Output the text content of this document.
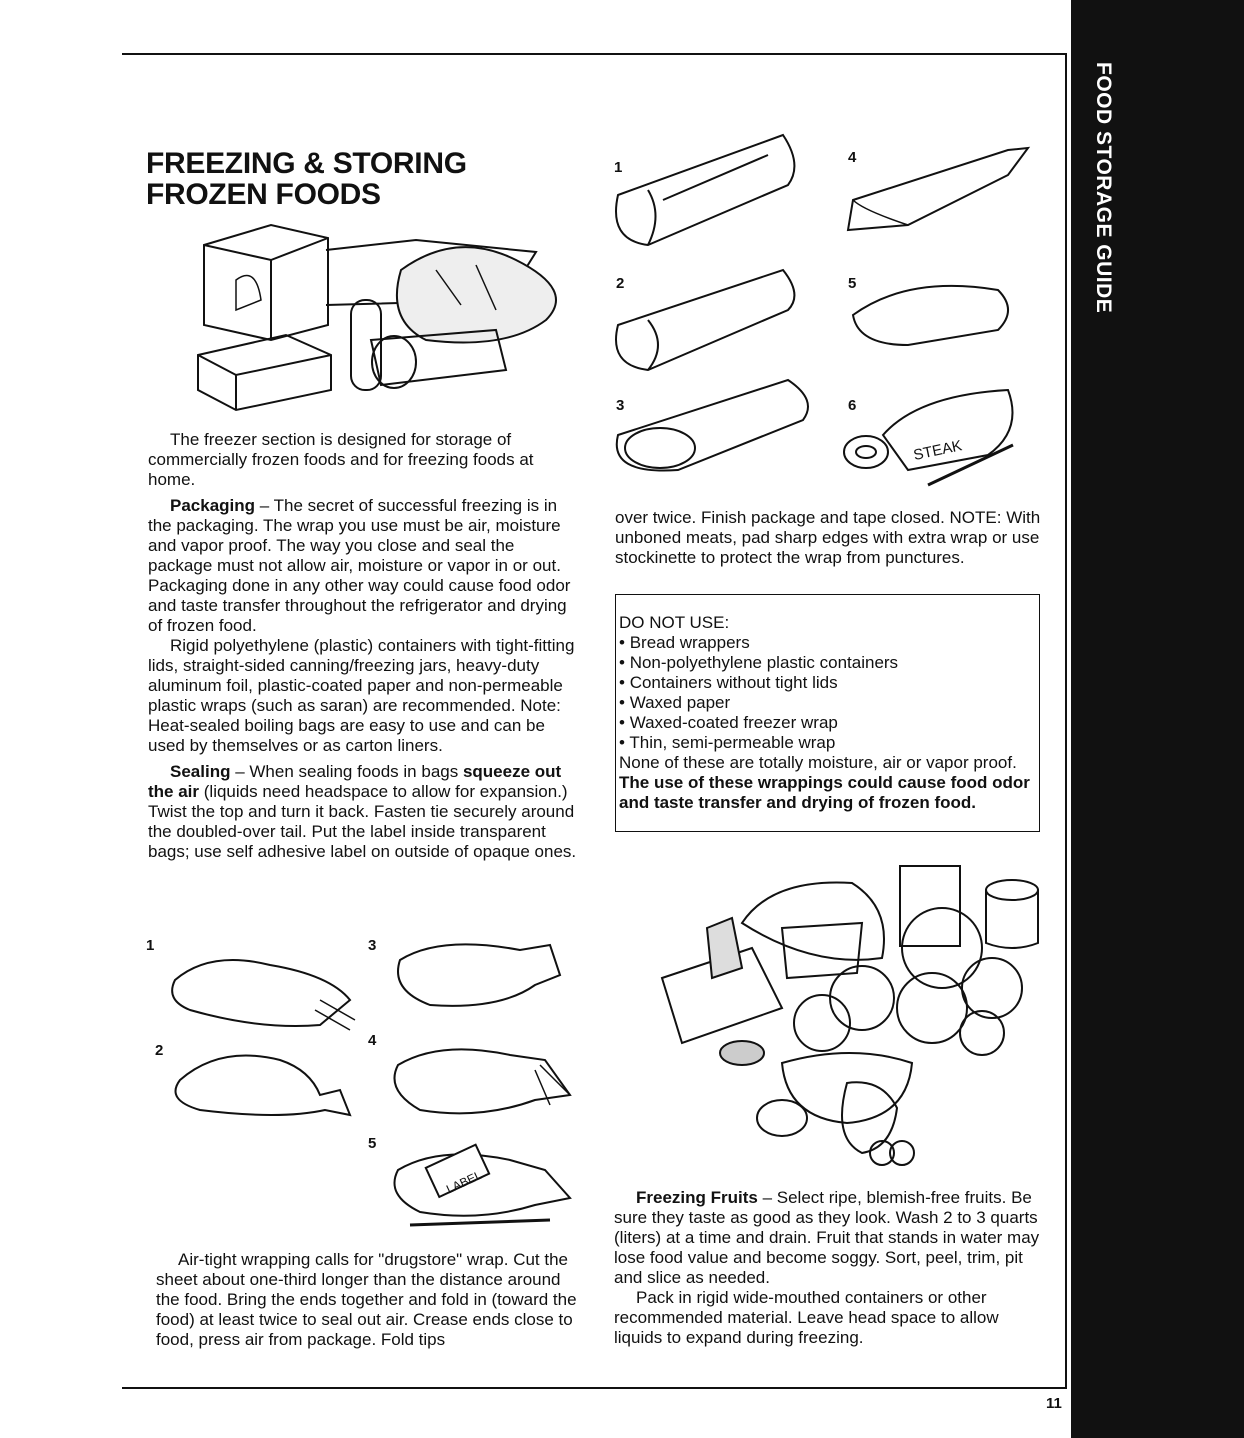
FOOD STORAGE GUIDE
FREEZING & STORING FROZEN FOODS

The freezer section is designed for storage of commercially frozen foods and for freezing foods at home.

Packaging – The secret of successful freezing is in the packaging. The wrap you use must be air, moisture and vapor proof. The way you close and seal the package must not allow air, moisture or vapor in or out. Packaging done in any other way could cause food odor and taste transfer throughout the refrigerator and drying of frozen food.

Rigid polyethylene (plastic) containers with tight-fitting lids, straight-sided canning/freezing jars, heavy-duty aluminum foil, plastic-coated paper and non-permeable plastic wraps (such as saran) are recommended. Note: Heat-sealed boiling bags are easy to use and can be used by themselves or as carton liners.

Sealing – When sealing foods in bags squeeze out the air (liquids need headspace to allow for expansion.) Twist the top and turn it back. Fasten tie securely around the doubled-over tail. Put the label inside transparent bags; use self adhesive label on outside of opaque ones.

1
2
3
4
5
LABEL

Air-tight wrapping calls for "drugstore" wrap. Cut the sheet about one-third longer than the distance around the food. Bring the ends together and fold in (toward the food) at least twice to seal out air. Crease ends close to food, press air from package. Fold tips

1
4
2	5
3	6
STEAK

over twice. Finish package and tape closed. NOTE: With unboned meats, pad sharp edges with extra wrap or use stockinette to protect the wrap from punctures.

DO NOT USE:
• Bread wrappers
• Non-polyethylene plastic containers
• Containers without tight lids
• Waxed paper
• Waxed-coated freezer wrap
• Thin, semi-permeable wrap
None of these are totally moisture, air or vapor proof. The use of these wrappings could cause food odor and taste transfer and drying of frozen food.

Freezing Fruits – Select ripe, blemish-free fruits. Be sure they taste as good as they look. Wash 2 to 3 quarts (liters) at a time and drain. Fruit that stands in water may lose food value and become soggy. Sort, peel, trim, pit and slice as needed.

Pack in rigid wide-mouthed containers or other recommended material. Leave head space to allow liquids to expand during freezing.

11
